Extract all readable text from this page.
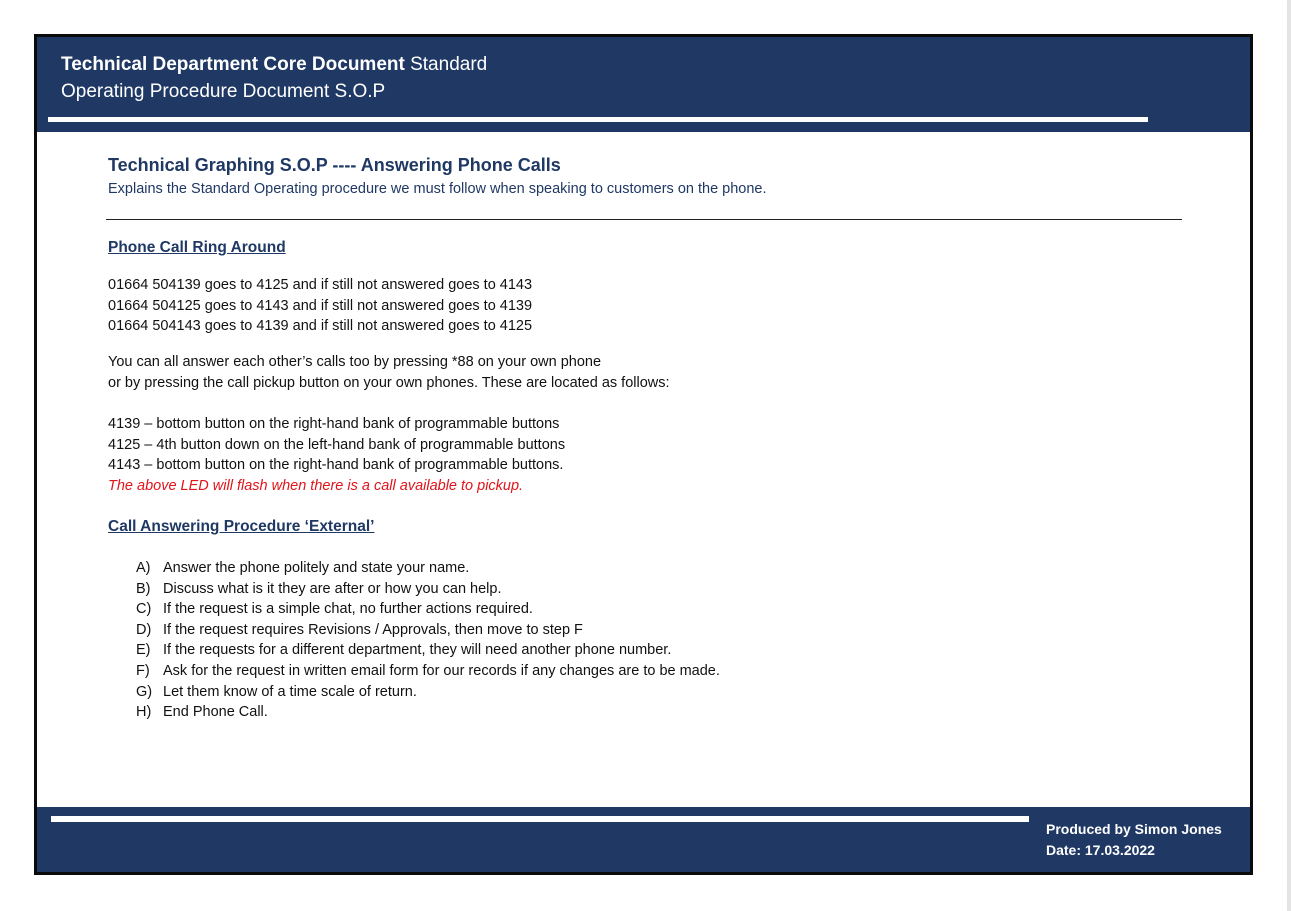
Technical Department Core Document Standard
Operating Procedure Document S.O.P
Technical Graphing S.O.P ---- Answering Phone Calls
Explains the Standard Operating procedure we must follow when speaking to customers on the phone.
Phone Call Ring Around
01664 504139 goes to 4125 and if still not answered goes to 4143
01664 504125 goes to 4143 and if still not answered goes to 4139
01664 504143 goes to 4139 and if still not answered goes to 4125
You can all answer each other’s calls too by pressing *88 on your own phone
or by pressing the call pickup button on your own phones. These are located as follows:
4139 – bottom button on the right-hand bank of programmable buttons
4125 – 4th button down on the left-hand bank of programmable buttons
4143 – bottom button on the right-hand bank of programmable buttons.
The above LED will flash when there is a call available to pickup.
Call Answering Procedure ‘External’
A) Answer the phone politely and state your name.
B) Discuss what is it they are after or how you can help.
C) If the request is a simple chat, no further actions required.
D) If the request requires Revisions / Approvals, then move to step F
E) If the requests for a different department, they will need another phone number.
F) Ask for the request in written email form for our records if any changes are to be made.
G) Let them know of a time scale of return.
H) End Phone Call.
Produced by Simon Jones
Date: 17.03.2022
